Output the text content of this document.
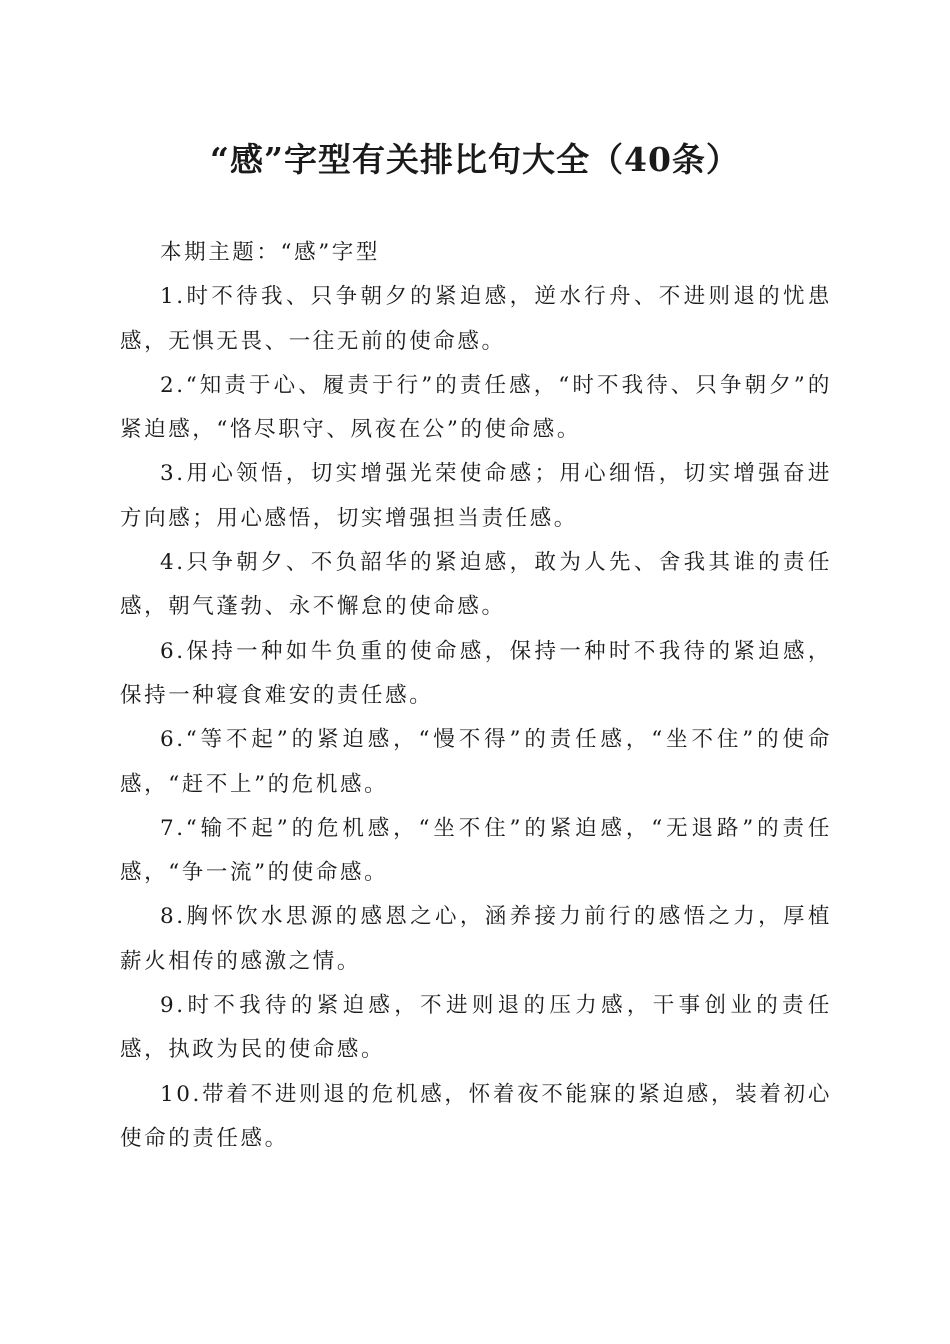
“感”字型有关排比句大全（40条）

本期主题：“感”字型

1.时不待我、只争朝夕的紧迫感，逆水行舟、不进则退的忧患感，无惧无畏、一往无前的使命感。

2.“知责于心、履责于行”的责任感，“时不我待、只争朝夕”的紧迫感，“恪尽职守、夙夜在公”的使命感。

3.用心领悟，切实增强光荣使命感；用心细悟，切实增强奋进方向感；用心感悟，切实增强担当责任感。

4.只争朝夕、不负韶华的紧迫感，敢为人先、舍我其谁的责任感，朝气蓬勃、永不懈怠的使命感。

6.保持一种如牛负重的使命感，保持一种时不我待的紧迫感，保持一种寝食难安的责任感。

6.“等不起”的紧迫感，“慢不得”的责任感，“坐不住”的使命感，“赶不上”的危机感。

7.“输不起”的危机感，“坐不住”的紧迫感，“无退路”的责任感，“争一流”的使命感。

8.胸怀饮水思源的感恩之心，涵养接力前行的感悟之力，厚植薪火相传的感激之情。

9.时不我待的紧迫感，不进则退的压力感，干事创业的责任感，执政为民的使命感。

10.带着不进则退的危机感，怀着夜不能寐的紧迫感，装着初心使命的责任感。
